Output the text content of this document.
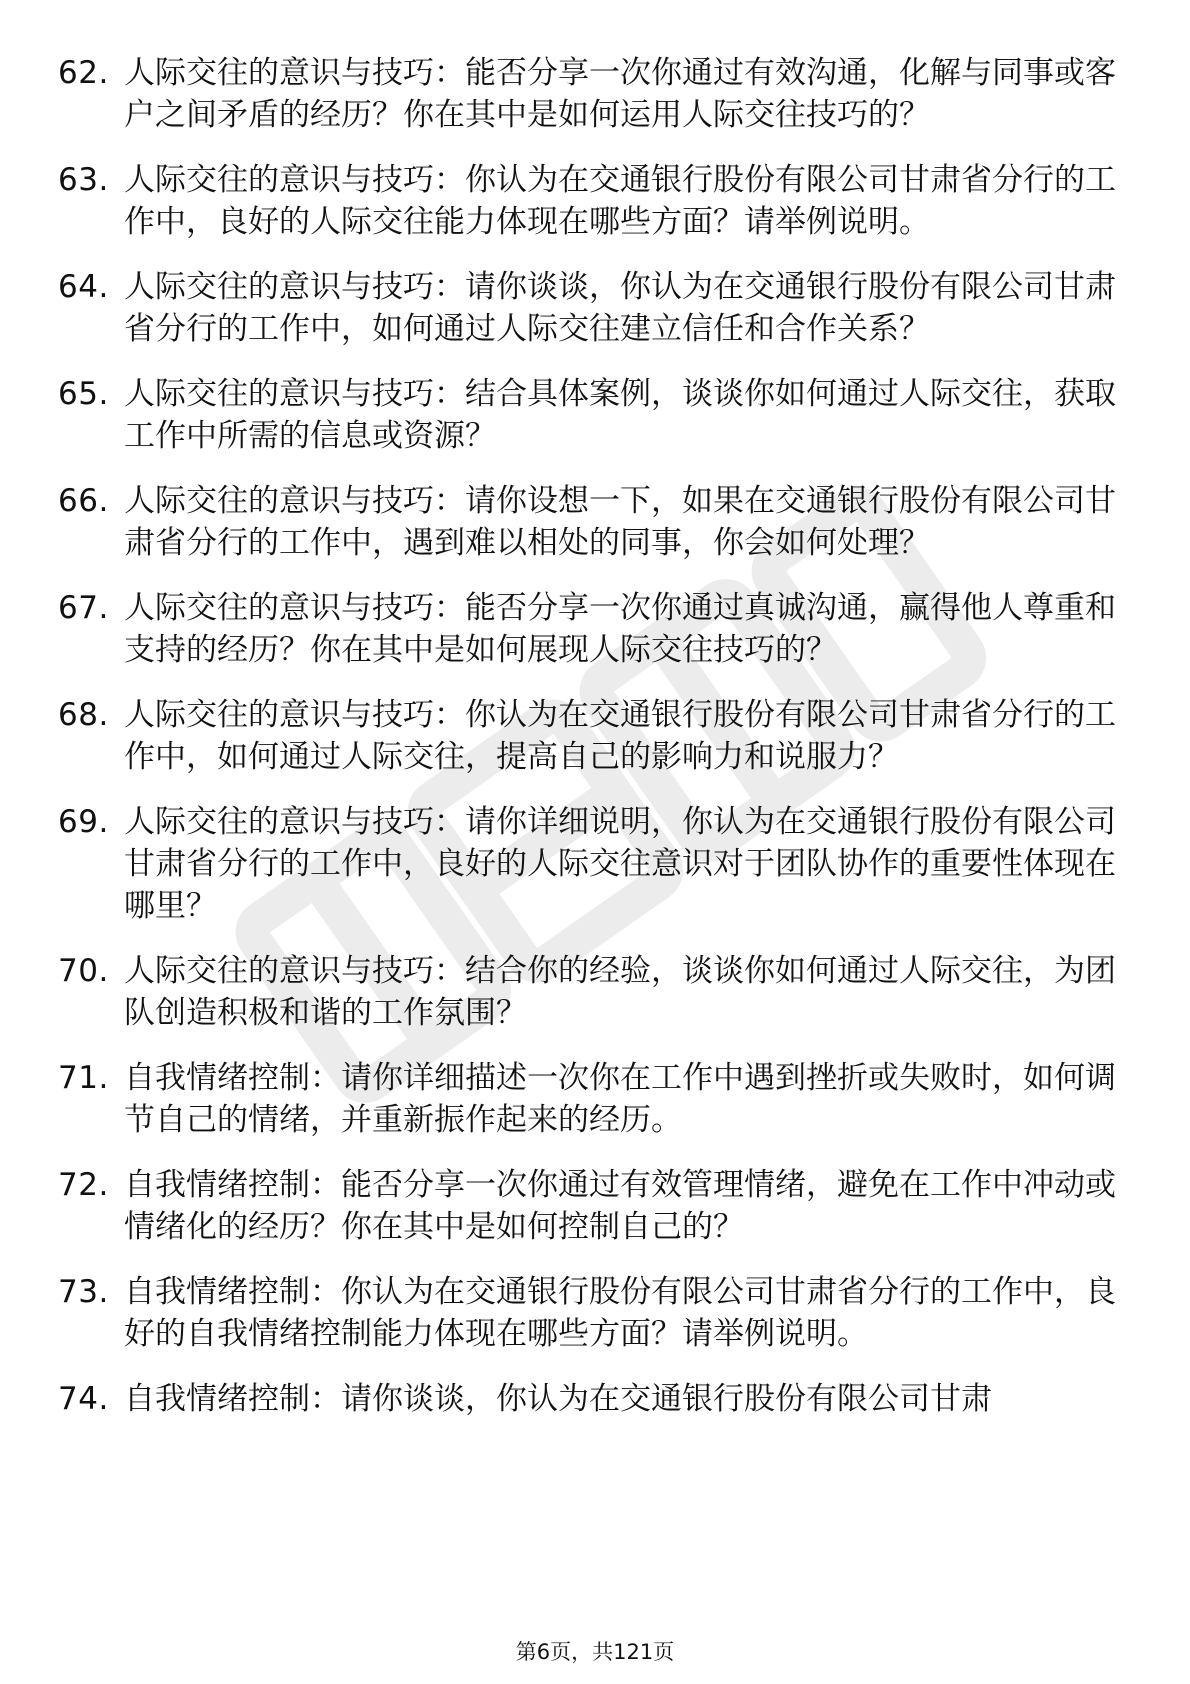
62. 人际交往的意识与技巧：能否分享一次你通过有效沟通，化解与同事或客户之间矛盾的经历？你在其中是如何运用人际交往技巧的？
63. 人际交往的意识与技巧：你认为在交通银行股份有限公司甘肃省分行的工作中，良好的人际交往能力体现在哪些方面？请举例说明。
64. 人际交往的意识与技巧：请你谈谈，你认为在交通银行股份有限公司甘肃省分行的工作中，如何通过人际交往建立信任和合作关系？
65. 人际交往的意识与技巧：结合具体案例，谈谈你如何通过人际交往，获取工作中所需的信息或资源？
66. 人际交往的意识与技巧：请你设想一下，如果在交通银行股份有限公司甘肃省分行的工作中，遇到难以相处的同事，你会如何处理？
67. 人际交往的意识与技巧：能否分享一次你通过真诚沟通，赢得他人尊重和支持的经历？你在其中是如何展现人际交往技巧的？
68. 人际交往的意识与技巧：你认为在交通银行股份有限公司甘肃省分行的工作中，如何通过人际交往，提高自己的影响力和说服力？
69. 人际交往的意识与技巧：请你详细说明，你认为在交通银行股份有限公司甘肃省分行的工作中，良好的人际交往意识对于团队协作的重要性体现在哪里？
70. 人际交往的意识与技巧：结合你的经验，谈谈你如何通过人际交往，为团队创造积极和谐的工作氛围？
71. 自我情绪控制：请你详细描述一次你在工作中遇到挫折或失败时，如何调节自己的情绪，并重新振作起来的经历。
72. 自我情绪控制：能否分享一次你通过有效管理情绪，避免在工作中冲动或情绪化的经历？你在其中是如何控制自己的？
73. 自我情绪控制：你认为在交通银行股份有限公司甘肃省分行的工作中，良好的自我情绪控制能力体现在哪些方面？请举例说明。
74. 自我情绪控制：请你谈谈，你认为在交通银行股份有限公司甘肃
第6页，共121页
